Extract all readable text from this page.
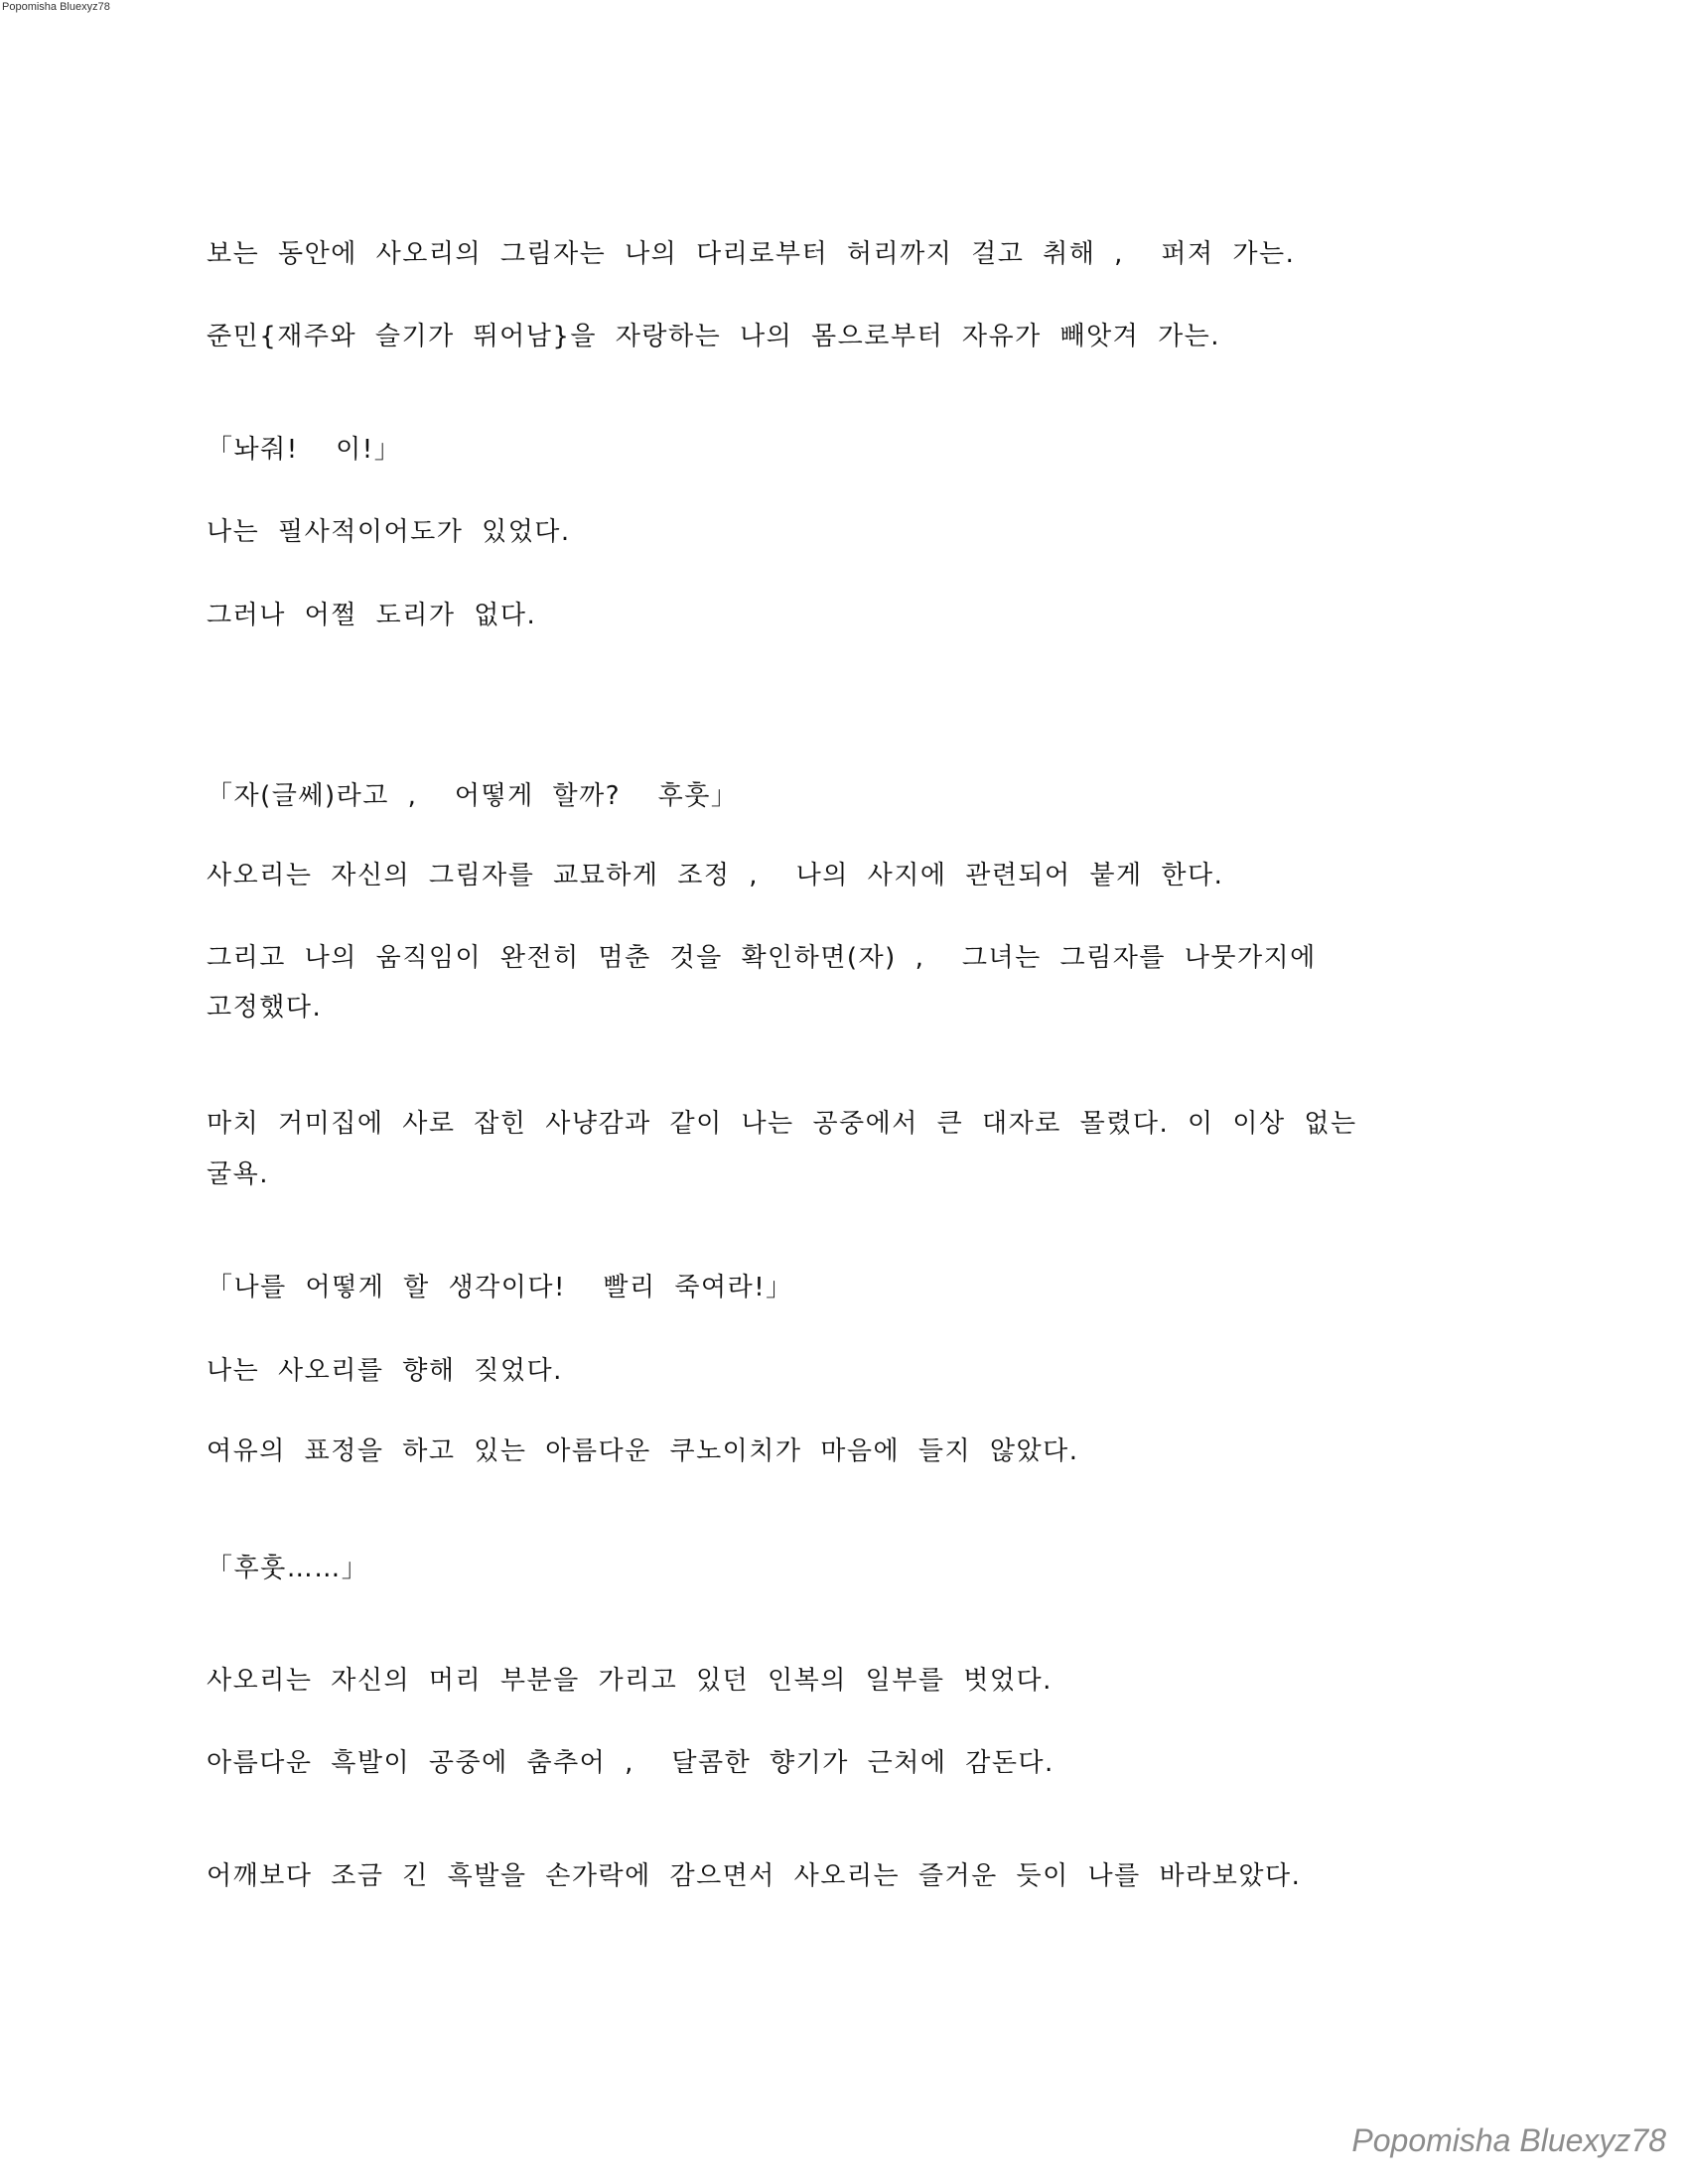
Popomisha Bluexyz78
보는 동안에 사오리의 그림자는 나의 다리로부터 허리까지 걸고 취해 ,  퍼져 가는.
준민{재주와 슬기가 뛰어남}을 자랑하는 나의 몸으로부터 자유가 빼앗겨 가는.
「놔줘!  이!」
나는 필사적이어도가 있었다.
그러나 어쩔 도리가 없다.
「자(글쎄)라고 ,  어떻게 할까?  후훗」
사오리는 자신의 그림자를 교묘하게 조정 ,  나의 사지에 관련되어 붙게 한다.
그리고 나의 움직임이 완전히 멈춘 것을 확인하면(자) ,  그녀는 그림자를 나뭇가지에
고정했다.
마치 거미집에 사로 잡힌 사냥감과 같이 나는 공중에서 큰 대자로 몰렸다. 이 이상 없는
굴욕.
「나를 어떻게 할 생각이다!  빨리 죽여라!」
나는 사오리를 향해 짖었다.
여유의 표정을 하고 있는 아름다운 쿠노이치가 마음에 들지 않았다.
「후훗……」
사오리는 자신의 머리 부분을 가리고 있던 인복의 일부를 벗었다.
아름다운 흑발이 공중에 춤추어 ,  달콤한 향기가 근처에 감돈다.
어깨보다 조금 긴 흑발을 손가락에 감으면서 사오리는 즐거운 듯이 나를 바라보았다.
Popomisha Bluexyz78
